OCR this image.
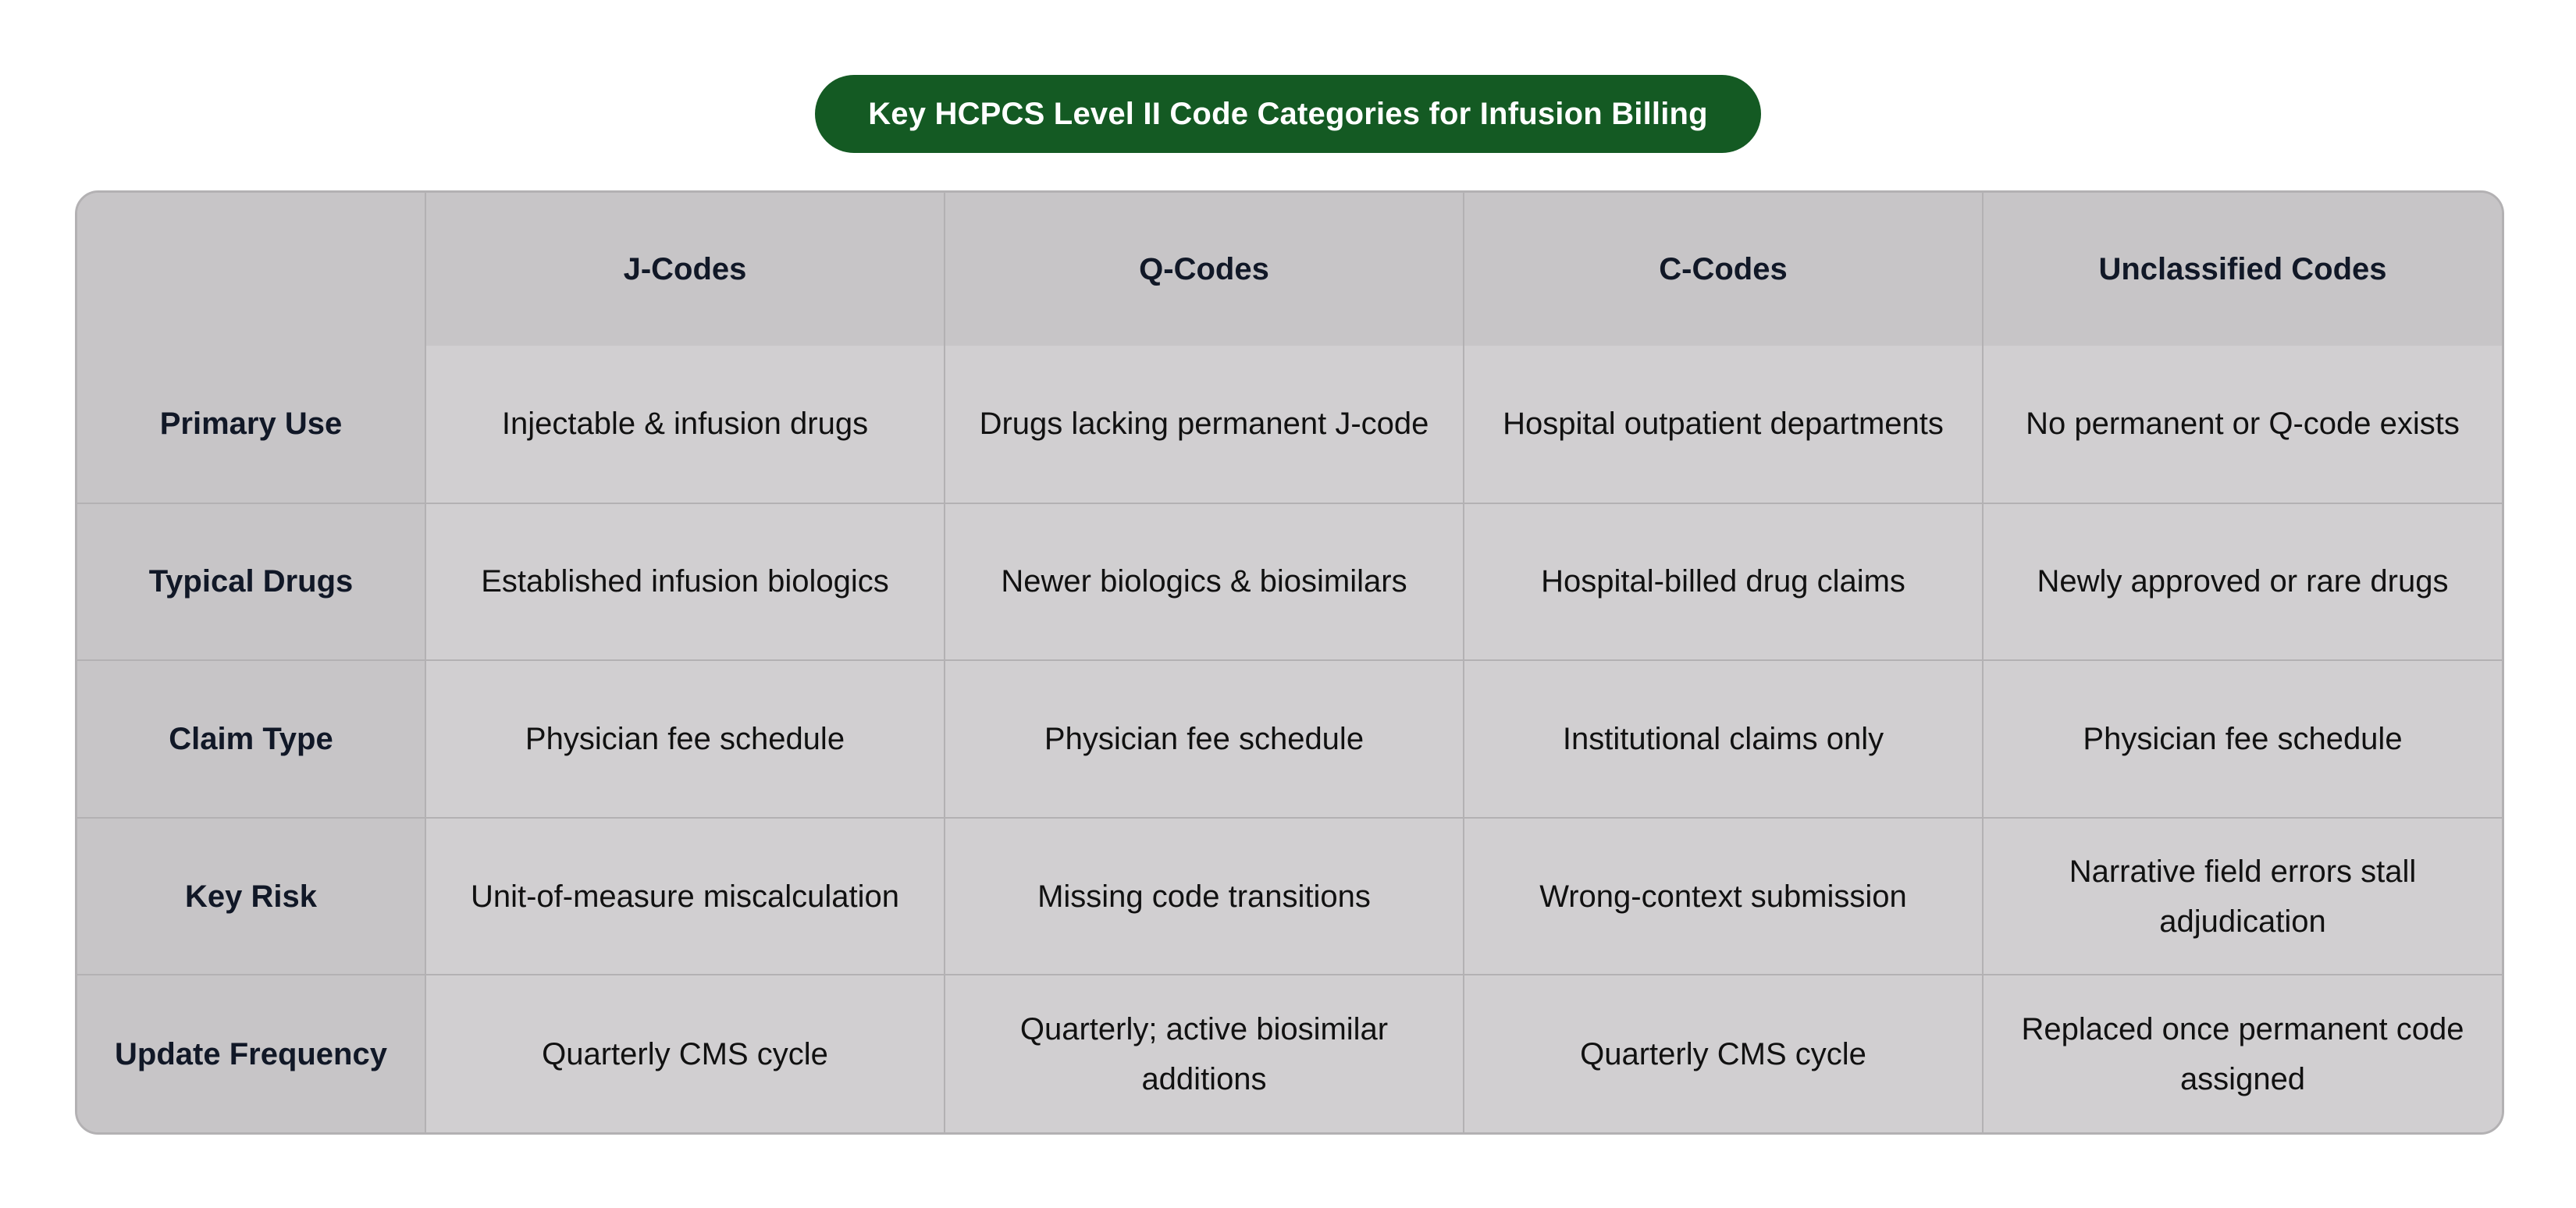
Key HCPCS Level II Code Categories for Infusion Billing
	J-Codes	Q-Codes	C-Codes	Unclassified Codes
Primary Use	Injectable & infusion drugs	Drugs lacking permanent J-code	Hospital outpatient departments	No permanent or Q-code exists
Typical Drugs	Established infusion biologics	Newer biologics & biosimilars	Hospital-billed drug claims	Newly approved or rare drugs
Claim Type	Physician fee schedule	Physician fee schedule	Institutional claims only	Physician fee schedule
Key Risk	Unit-of-measure miscalculation	Missing code transitions	Wrong-context submission	Narrative field errors stall adjudication
Update Frequency	Quarterly CMS cycle	Quarterly; active biosimilar additions	Quarterly CMS cycle	Replaced once permanent code assigned
